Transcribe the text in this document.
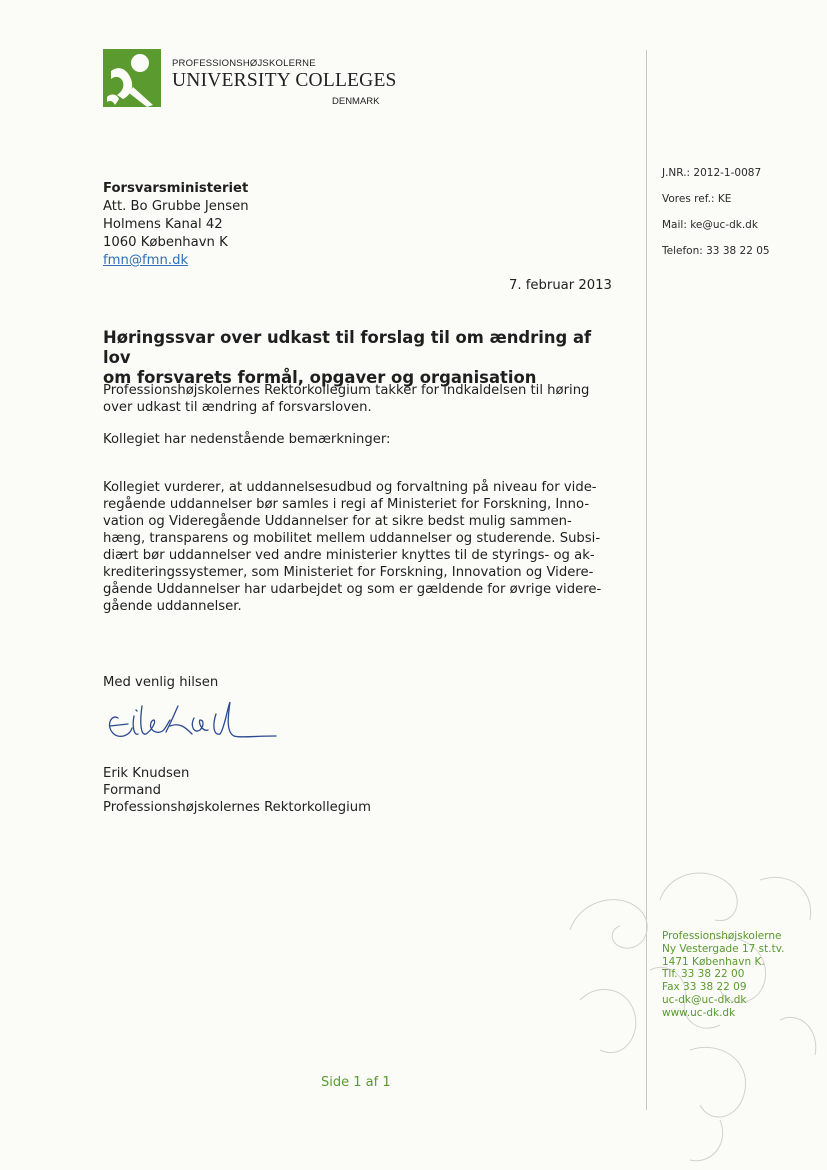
PROFESSIONSHØJSKOLERNE
UNIVERSITY COLLEGES
DENMARK
J.NR.: 2012-1-0087
Vores ref.: KE
Mail: ke@uc-dk.dk
Telefon: 33 38 22 05
Forsvarsministeriet
Att. Bo Grubbe Jensen
Holmens Kanal 42
1060 København K
fmn@fmn.dk
7. februar 2013
Høringssvar over udkast til forslag til om ændring af lov
om forsvarets formål, opgaver og organisation
Professionshøjskolernes Rektorkollegium takker for indkaldelsen til høring
over udkast til ændring af forsvarsloven.
Kollegiet har nedenstående bemærkninger:
Kollegiet vurderer, at uddannelsesudbud og forvaltning på niveau for vide-
regående uddannelser bør samles i regi af Ministeriet for Forskning, Inno-
vation og Videregående Uddannelser for at sikre bedst mulig sammen-
hæng, transparens og mobilitet mellem uddannelser og studerende. Subsi-
diært bør uddannelser ved andre ministerier knyttes til de styrings- og ak-
krediteringssystemer, som Ministeriet for Forskning, Innovation og Videre-
gående Uddannelser har udarbejdet og som er gældende for øvrige videre-
gående uddannelser.
Med venlig hilsen
Erik Knudsen
Formand
Professionshøjskolernes Rektorkollegium
Professionshøjskolerne
Ny Vestergade 17 st.tv.
1471 København K.
Tlf. 33 38 22 00
Fax 33 38 22 09
uc-dk@uc-dk.dk
www.uc-dk.dk
Side 1 af 1
